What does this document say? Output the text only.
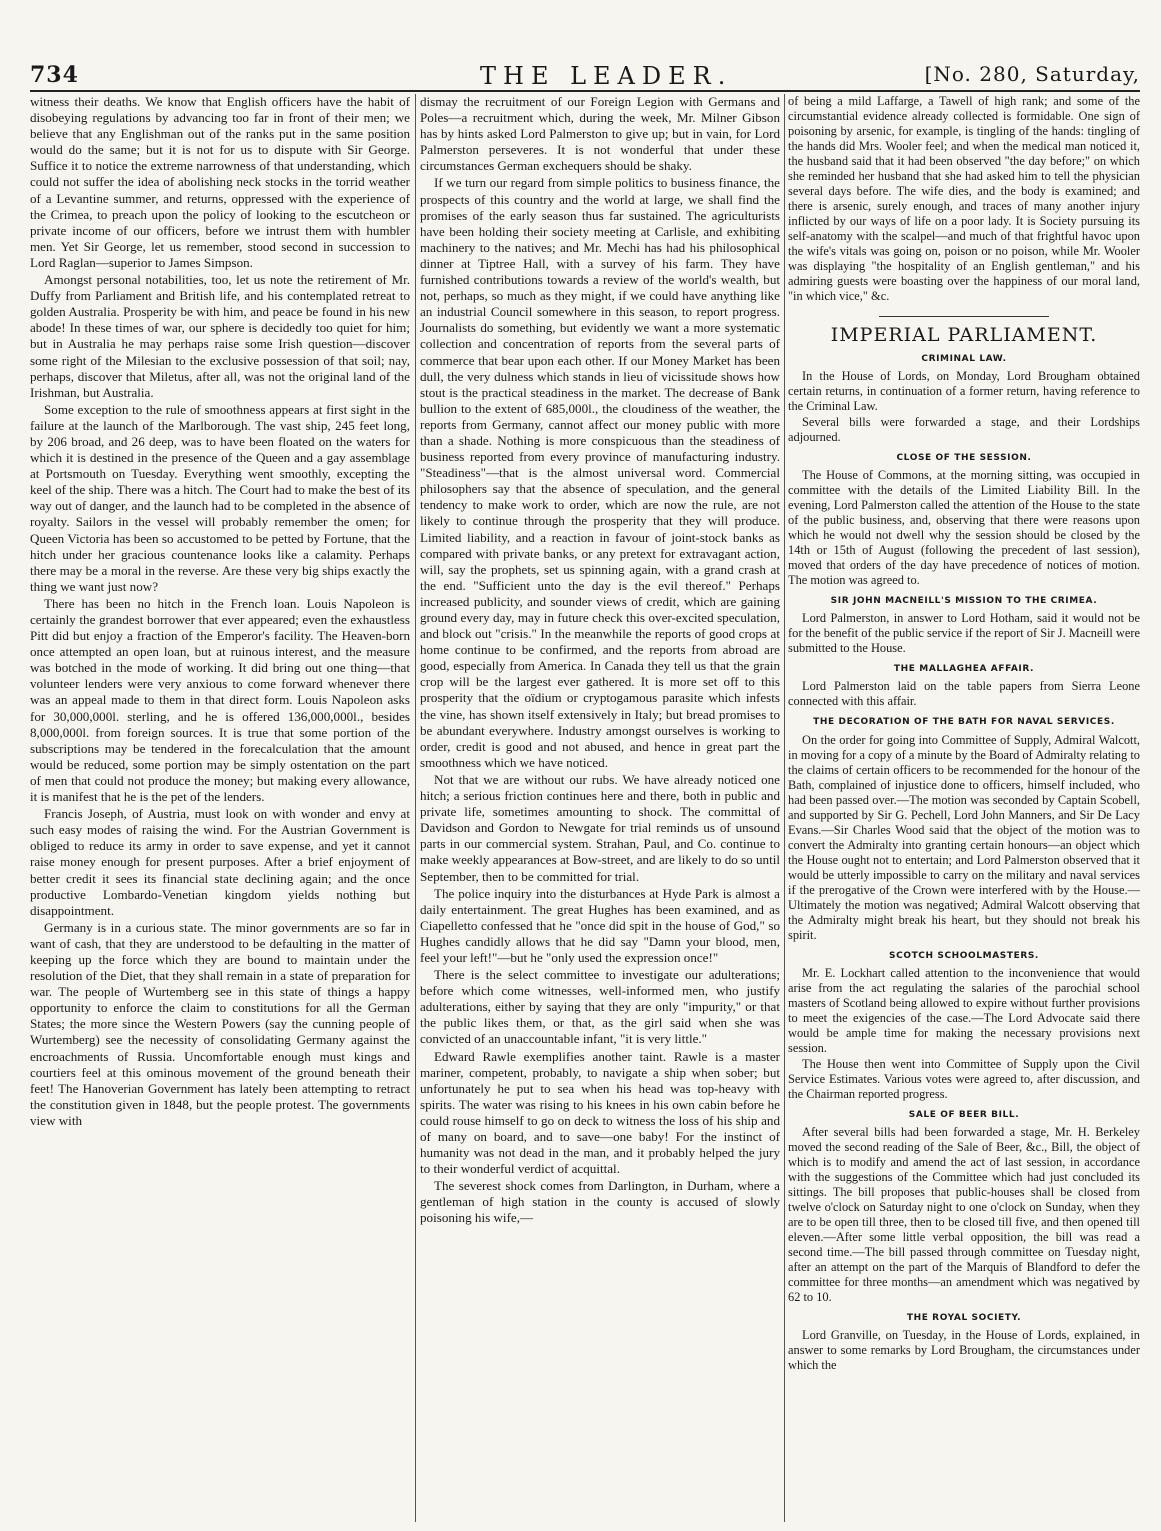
734	THE LEADER.	[No. 280, Saturday,

witness their deaths. We know that English officers have the habit of disobeying regulations by advancing too far in front of their men; we believe that any Englishman out of the ranks put in the same position would do the same; but it is not for us to dispute with Sir George. Suffice it to notice the extreme narrowness of that understanding, which could not suffer the idea of abolishing neck stocks in the torrid weather of a Levantine summer, and returns, oppressed with the experience of the Crimea, to preach upon the policy of looking to the escutcheon or private income of our officers, before we intrust them with humbler men. Yet Sir George, let us remember, stood second in succession to Lord Raglan—superior to James Simpson.

Amongst personal notabilities, too, let us note the retirement of Mr. Duffy from Parliament and British life, and his contemplated retreat to golden Australia. Prosperity be with him, and peace be found in his new abode! In these times of war, our sphere is decidedly too quiet for him; but in Australia he may perhaps raise some Irish question—discover some right of the Milesian to the exclusive possession of that soil; nay, perhaps, discover that Miletus, after all, was not the original land of the Irishman, but Australia.

Some exception to the rule of smoothness appears at first sight in the failure at the launch of the Marlborough. The vast ship, 245 feet long, by 206 broad, and 26 deep, was to have been floated on the waters for which it is destined in the presence of the Queen and a gay assemblage at Portsmouth on Tuesday. Everything went smoothly, excepting the keel of the ship. There was a hitch. The Court had to make the best of its way out of danger, and the launch had to be completed in the absence of royalty. Sailors in the vessel will probably remember the omen; for Queen Victoria has been so accustomed to be petted by Fortune, that the hitch under her gracious countenance looks like a calamity. Perhaps there may be a moral in the reverse. Are these very big ships exactly the thing we want just now?

There has been no hitch in the French loan. Louis Napoleon is certainly the grandest borrower that ever appeared; even the exhaustless Pitt did but enjoy a fraction of the Emperor's facility. The Heaven-born once attempted an open loan, but at ruinous interest, and the measure was botched in the mode of working. It did bring out one thing—that volunteer lenders were very anxious to come forward whenever there was an appeal made to them in that direct form. Louis Napoleon asks for 30,000,000l. sterling, and he is offered 136,000,000l., besides 8,000,000l. from foreign sources. It is true that some portion of the subscriptions may be tendered in the forecalculation that the amount would be reduced, some portion may be simply ostentation on the part of men that could not produce the money; but making every allowance, it is manifest that he is the pet of the lenders.

Francis Joseph, of Austria, must look on with wonder and envy at such easy modes of raising the wind. For the Austrian Government is obliged to reduce its army in order to save expense, and yet it cannot raise money enough for present purposes. After a brief enjoyment of better credit it sees its financial state declining again; and the once productive Lombardo-Venetian kingdom yields nothing but disappointment.

Germany is in a curious state. The minor governments are so far in want of cash, that they are understood to be defaulting in the matter of keeping up the force which they are bound to maintain under the resolution of the Diet, that they shall remain in a state of preparation for war. The people of Wurtemberg see in this state of things a happy opportunity to enforce the claim to constitutions for all the German States; the more since the Western Powers (say the cunning people of Wurtemberg) see the necessity of consolidating Germany against the encroachments of Russia. Uncomfortable enough must kings and courtiers feel at this ominous movement of the ground beneath their feet! The Hanoverian Government has lately been attempting to retract the constitution given in 1848, but the people protest. The governments view with

dismay the recruitment of our Foreign Legion with Germans and Poles—a recruitment which, during the week, Mr. Milner Gibson has by hints asked Lord Palmerston to give up; but in vain, for Lord Palmerston perseveres. It is not wonderful that under these circumstances German exchequers should be shaky.

If we turn our regard from simple politics to business finance, the prospects of this country and the world at large, we shall find the promises of the early season thus far sustained. The agriculturists have been holding their society meeting at Carlisle, and exhibiting machinery to the natives; and Mr. Mechi has had his philosophical dinner at Tiptree Hall, with a survey of his farm. They have furnished contributions towards a review of the world's wealth, but not, perhaps, so much as they might, if we could have anything like an industrial Council somewhere in this season, to report progress. Journalists do something, but evidently we want a more systematic collection and concentration of reports from the several parts of commerce that bear upon each other. If our Money Market has been dull, the very dulness which stands in lieu of vicissitude shows how stout is the practical steadiness in the market. The decrease of Bank bullion to the extent of 685,000l., the cloudiness of the weather, the reports from Germany, cannot affect our money public with more than a shade. Nothing is more conspicuous than the steadiness of business reported from every province of manufacturing industry. "Steadiness"—that is the almost universal word. Commercial philosophers say that the absence of speculation, and the general tendency to make work to order, which are now the rule, are not likely to continue through the prosperity that they will produce. Limited liability, and a reaction in favour of joint-stock banks as compared with private banks, or any pretext for extravagant action, will, say the prophets, set us spinning again, with a grand crash at the end. "Sufficient unto the day is the evil thereof." Perhaps increased publicity, and sounder views of credit, which are gaining ground every day, may in future check this over-excited speculation, and block out "crisis." In the meanwhile the reports of good crops at home continue to be confirmed, and the reports from abroad are good, especially from America. In Canada they tell us that the grain crop will be the largest ever gathered. It is more set off to this prosperity that the oïdium or cryptogamous parasite which infests the vine, has shown itself extensively in Italy; but bread promises to be abundant everywhere. Industry amongst ourselves is working to order, credit is good and not abused, and hence in great part the smoothness which we have noticed.

Not that we are without our rubs. We have already noticed one hitch; a serious friction continues here and there, both in public and private life, sometimes amounting to shock. The committal of Davidson and Gordon to Newgate for trial reminds us of unsound parts in our commercial system. Strahan, Paul, and Co. continue to make weekly appearances at Bow-street, and are likely to do so until September, then to be committed for trial.

The police inquiry into the disturbances at Hyde Park is almost a daily entertainment. The great Hughes has been examined, and as Ciapelletto confessed that he "once did spit in the house of God," so Hughes candidly allows that he did say "Damn your blood, men, feel your left!"—but he "only used the expression once!"

There is the select committee to investigate our adulterations; before which come witnesses, well-informed men, who justify adulterations, either by saying that they are only "impurity," or that the public likes them, or that, as the girl said when she was convicted of an unaccountable infant, "it is very little."

Edward Rawle exemplifies another taint. Rawle is a master mariner, competent, probably, to navigate a ship when sober; but unfortunately he put to sea when his head was top-heavy with spirits. The water was rising to his knees in his own cabin before he could rouse himself to go on deck to witness the loss of his ship and of many on board, and to save—one baby! For the instinct of humanity was not dead in the man, and it probably helped the jury to their wonderful verdict of acquittal.

The severest shock comes from Darlington, in Durham, where a gentleman of high station in the county is accused of slowly poisoning his wife,—

of being a mild Laffarge, a Tawell of high rank; and some of the circumstantial evidence already collected is formidable. One sign of poisoning by arsenic, for example, is tingling of the hands: tingling of the hands did Mrs. Wooler feel; and when the medical man noticed it, the husband said that it had been observed "the day before;" on which she reminded her husband that she had asked him to tell the physician several days before. The wife dies, and the body is examined; and there is arsenic, surely enough, and traces of many another injury inflicted by our ways of life on a poor lady. It is Society pursuing its self-anatomy with the scalpel—and much of that frightful havoc upon the wife's vitals was going on, poison or no poison, while Mr. Wooler was displaying "the hospitality of an English gentleman," and his admiring guests were boasting over the happiness of our moral land, "in which vice," &c.

IMPERIAL PARLIAMENT.
CRIMINAL LAW.

In the House of Lords, on Monday, Lord Brougham obtained certain returns, in continuation of a former return, having reference to the Criminal Law.

Several bills were forwarded a stage, and their Lordships adjourned.

CLOSE OF THE SESSION.

The House of Commons, at the morning sitting, was occupied in committee with the details of the Limited Liability Bill. In the evening, Lord Palmerston called the attention of the House to the state of the public business, and, observing that there were reasons upon which he would not dwell why the session should be closed by the 14th or 15th of August (following the precedent of last session), moved that orders of the day have precedence of notices of motion. The motion was agreed to.

SIR JOHN MACNEILL'S MISSION TO THE CRIMEA.

Lord Palmerston, in answer to Lord Hotham, said it would not be for the benefit of the public service if the report of Sir J. Macneill were submitted to the House.

THE MALLAGHEA AFFAIR.

Lord Palmerston laid on the table papers from Sierra Leone connected with this affair.

THE DECORATION OF THE BATH FOR NAVAL SERVICES.

On the order for going into Committee of Supply, Admiral Walcott, in moving for a copy of a minute by the Board of Admiralty relating to the claims of certain officers to be recommended for the honour of the Bath, complained of injustice done to officers, himself included, who had been passed over.—The motion was seconded by Captain Scobell, and supported by Sir G. Pechell, Lord John Manners, and Sir De Lacy Evans.—Sir Charles Wood said that the object of the motion was to convert the Admiralty into granting certain honours—an object which the House ought not to entertain; and Lord Palmerston observed that it would be utterly impossible to carry on the military and naval services if the prerogative of the Crown were interfered with by the House.—Ultimately the motion was negatived; Admiral Walcott observing that the Admiralty might break his heart, but they should not break his spirit.

SCOTCH SCHOOLMASTERS.

Mr. E. Lockhart called attention to the inconvenience that would arise from the act regulating the salaries of the parochial school masters of Scotland being allowed to expire without further provisions to meet the exigencies of the case.—The Lord Advocate said there would be ample time for making the necessary provisions next session.

The House then went into Committee of Supply upon the Civil Service Estimates. Various votes were agreed to, after discussion, and the Chairman reported progress.

SALE OF BEER BILL.

After several bills had been forwarded a stage, Mr. H. Berkeley moved the second reading of the Sale of Beer, &c., Bill, the object of which is to modify and amend the act of last session, in accordance with the suggestions of the Committee which had just concluded its sittings. The bill proposes that public-houses shall be closed from twelve o'clock on Saturday night to one o'clock on Sunday, when they are to be open till three, then to be closed till five, and then opened till eleven.—After some little verbal opposition, the bill was read a second time.—The bill passed through committee on Tuesday night, after an attempt on the part of the Marquis of Blandford to defer the committee for three months—an amendment which was negatived by 62 to 10.

THE ROYAL SOCIETY.

Lord Granville, on Tuesday, in the House of Lords, explained, in answer to some remarks by Lord Brougham, the circumstances under which the
